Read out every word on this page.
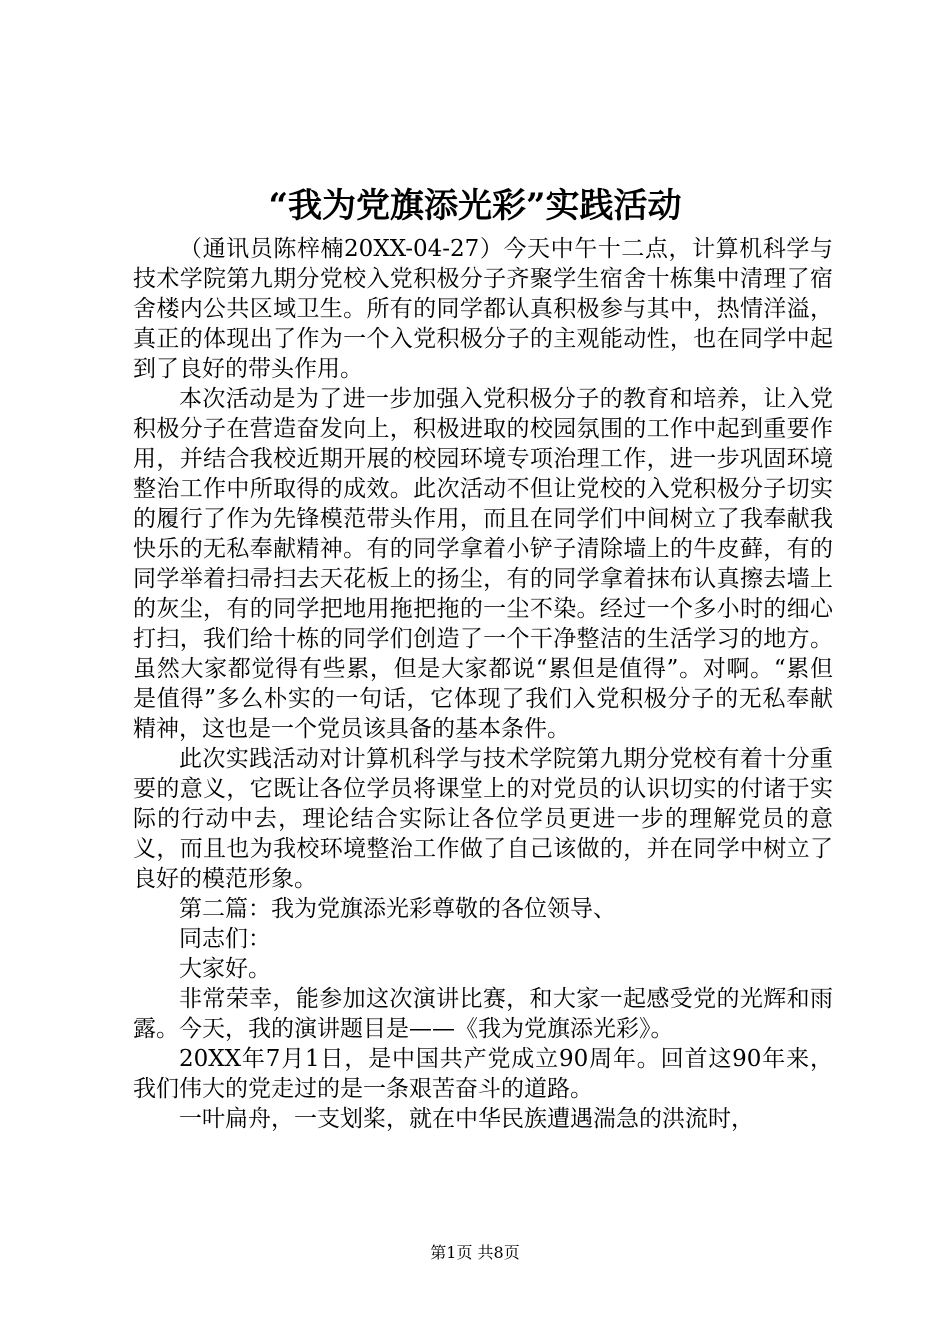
“我为党旗添光彩”实践活动

（通讯员陈梓楠20XX-04-27）今天中午十二点，计算机科学与技术学院第九期分党校入党积极分子齐聚学生宿舍十栋集中清理了宿舍楼内公共区域卫生。所有的同学都认真积极参与其中，热情洋溢，真正的体现出了作为一个入党积极分子的主观能动性，也在同学中起到了良好的带头作用。

本次活动是为了进一步加强入党积极分子的教育和培养，让入党积极分子在营造奋发向上，积极进取的校园氛围的工作中起到重要作用，并结合我校近期开展的校园环境专项治理工作，进一步巩固环境整治工作中所取得的成效。此次活动不但让党校的入党积极分子切实的履行了作为先锋模范带头作用，而且在同学们中间树立了我奉献我快乐的无私奉献精神。有的同学拿着小铲子清除墙上的牛皮藓，有的同学举着扫帚扫去天花板上的扬尘，有的同学拿着抹布认真擦去墙上的灰尘，有的同学把地用拖把拖的一尘不染。经过一个多小时的细心打扫，我们给十栋的同学们创造了一个干净整洁的生活学习的地方。虽然大家都觉得有些累，但是大家都说“累但是值得”。对啊。“累但是值得”多么朴实的一句话，它体现了我们入党积极分子的无私奉献精神，这也是一个党员该具备的基本条件。

此次实践活动对计算机科学与技术学院第九期分党校有着十分重要的意义，它既让各位学员将课堂上的对党员的认识切实的付诸于实际的行动中去，理论结合实际让各位学员更进一步的理解党员的意义，而且也为我校环境整治工作做了自己该做的，并在同学中树立了良好的模范形象。

第二篇：我为党旗添光彩尊敬的各位领导、

同志们：

大家好。

非常荣幸，能参加这次演讲比赛，和大家一起感受党的光辉和雨露。今天，我的演讲题目是——《我为党旗添光彩》。

20XX年7月1日，是中国共产党成立90周年。回首这90年来，我们伟大的党走过的是一条艰苦奋斗的道路。

一叶扁舟，一支划桨，就在中华民族遭遇湍急的洪流时，

第1页 共8页
